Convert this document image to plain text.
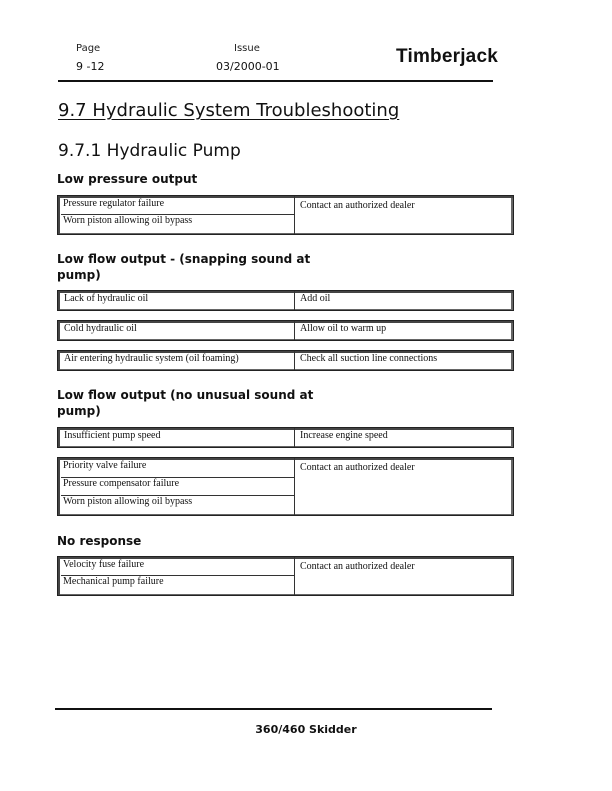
Page
9 -12
Issue
03/2000-01	Timberjack
9.7 Hydraulic System Troubleshooting
9.7.1 Hydraulic Pump
Low pressure output
Pressure regulator failure
Worn piston allowing oil bypass
Contact an authorized dealer
Low flow output - (snapping sound at
pump)
Lack of hydraulic oil	Add oil
Cold hydraulic oil	Allow oil to warm up
Air entering hydraulic system (oil foaming)	Check all suction line connections
Low flow output (no unusual sound at
pump)
Insufficient pump speed	Increase engine speed
Priority valve failure
Pressure compensator failure
Worn piston allowing oil bypass
Contact an authorized dealer
No response
Velocity fuse failure
Mechanical pump failure
Contact an authorized dealer
360/460 Skidder
